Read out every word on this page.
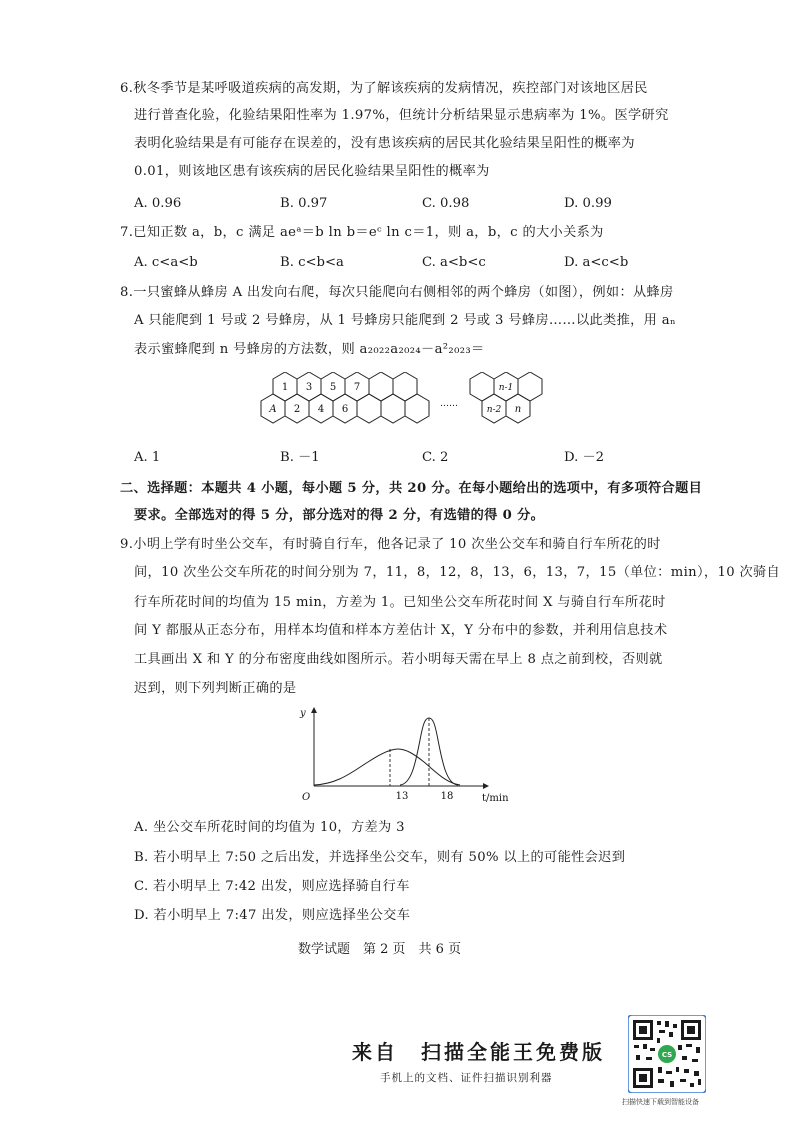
6.秋冬季节是某呼吸道疾病的高发期，为了解该疾病的发病情况，疾控部门对该地区居民
进行普查化验，化验结果阳性率为 1.97%，但统计分析结果显示患病率为 1%。医学研究
表明化验结果是有可能存在误差的，没有患该疾病的居民其化验结果呈阳性的概率为
0.01，则该地区患有该疾病的居民化验结果呈阳性的概率为
A. 0.96	B. 0.97	C. 0.98	D. 0.99
7.已知正数 a，b，c 满足 aeᵃ＝b ln b＝eᶜ ln c＝1，则 a，b，c 的大小关系为
A. c<a<b	B. c<b<a	C. a<b<c	D. a<c<b
8.一只蜜蜂从蜂房 A 出发向右爬，每次只能爬向右侧相邻的两个蜂房（如图），例如：从蜂房
A 只能爬到 1 号或 2 号蜂房，从 1 号蜂房只能爬到 2 号或 3 号蜂房……以此类推，用 aₙ
表示蜜蜂爬到 n 号蜂房的方法数，则 a₂₀₂₂a₂₀₂₄－a²₂₀₂₃＝
1 3 5 7
A 2 4 6
n-1
n-2 n
……
A. 1	B. －1	C. 2	D. －2
二、选择题：本题共 4 小题，每小题 5 分，共 20 分。在每小题给出的选项中，有多项符合题目
要求。全部选对的得 5 分，部分选对的得 2 分，有选错的得 0 分。
9.小明上学有时坐公交车，有时骑自行车，他各记录了 10 次坐公交车和骑自行车所花的时
间，10 次坐公交车所花的时间分别为 7，11，8，12，8，13，6，13，7，15（单位：min），10 次骑自
行车所花时间的均值为 15 min，方差为 1。已知坐公交车所花时间 X 与骑自行车所花时
间 Y 都服从正态分布，用样本均值和样本方差估计 X，Y 分布中的参数，并利用信息技术
工具画出 X 和 Y 的分布密度曲线如图所示。若小明每天需在早上 8 点之前到校，否则就
迟到，则下列判断正确的是
y
O	13	18	t/min
A. 坐公交车所花时间的均值为 10，方差为 3
B. 若小明早上 7:50 之后出发，并选择坐公交车，则有 50% 以上的可能性会迟到
C. 若小明早上 7:42 出发，则应选择骑自行车
D. 若小明早上 7:47 出发，则应选择坐公交车
数学试题　第 2 页　共 6 页
来自　扫描全能王免费版
手机上的文档、证件扫描识别利器
CS
扫描快速下载到智能设备
